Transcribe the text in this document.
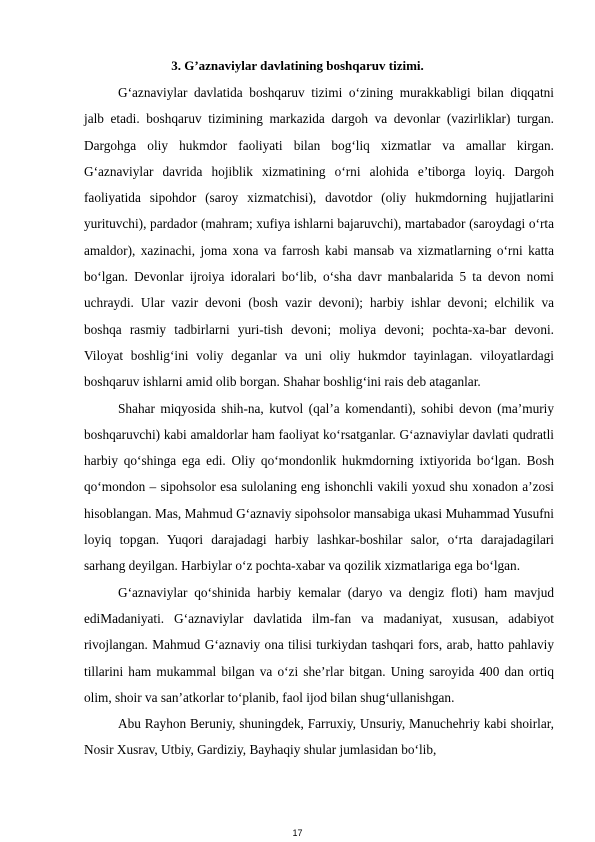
3. G’aznaviylar davlatining boshqaruv tizimi.

G‘aznaviylar davlatida boshqaruv tizimi o‘zining murakkabligi bilan diqqatni jalb etadi. boshqaruv tizimining markazida dargoh va devonlar (vazirliklar) turgan. Dargohga oliy hukmdor faoliyati bilan bog‘liq xizmatlar va amallar kirgan. G‘aznaviylar davrida hojiblik xizmatining o‘rni alohida e’tiborga loyiq. Dargoh faoliyatida sipohdor (saroy xizmatchisi), davotdor (oliy hukmdorning hujjatlarini yurituvchi), pardador (mahram; xufiya ishlarni bajaruvchi), martabador (saroydagi o‘rta amaldor), xazinachi, joma xona va farrosh kabi mansab va xizmatlarning o‘rni katta bo‘lgan. Devonlar ijroiya idoralari bo‘lib, o‘sha davr manbalarida 5 ta devon nomi uchraydi. Ular vazir devoni (bosh vazir devoni); harbiy ishlar devoni; elchilik va boshqa rasmiy tadbirlarni yuri-tish devoni; moliya devoni; pochta-xa-bar devoni. Viloyat boshlig‘ini voliy deganlar va uni oliy hukmdor tayinlagan. viloyatlardagi boshqaruv ishlarni amid olib borgan. Shahar boshlig‘ini rais deb ataganlar.

Shahar miqyosida shih-na, kutvol (qal’a komendanti), sohibi devon (ma’muriy boshqaruvchi) kabi amaldorlar ham faoliyat ko‘rsatganlar. G‘aznaviylar davlati qudratli harbiy qo‘shinga ega edi. Oliy qo‘mondonlik hukmdorning ixtiyorida bo‘lgan. Bosh qo‘mondon – sipohsolor esa sulolaning eng ishonchli vakili yoxud shu xonadon a’zosi hisoblangan. Mas, Mahmud G‘aznaviy sipohsolor mansabiga ukasi Muhammad Yusufni loyiq topgan. Yuqori darajadagi harbiy lashkar-boshilar salor, o‘rta darajadagilari sarhang deyilgan. Harbiylar o‘z pochta-xabar va qozilik xizmatlariga ega bo‘lgan.

G‘aznaviylar qo‘shinida harbiy kemalar (daryo va dengiz floti) ham mavjud ediMadaniyati. G‘aznaviylar davlatida ilm-fan va madaniyat, xususan, adabiyot rivojlangan. Mahmud G‘aznaviy ona tilisi turkiydan tashqari fors, arab, hatto pahlaviy tillarini ham mukammal bilgan va o‘zi she’rlar bitgan. Uning saroyida 400 dan ortiq olim, shoir va san’atkorlar to‘planib, faol ijod bilan shug‘ullanishgan.

Abu Rayhon Beruniy, shuningdek, Farruxiy, Unsuriy, Manuchehriy kabi shoirlar, Nosir Xusrav, Utbiy, Gardiziy, Bayhaqiy shular jumlasidan bo‘lib,

17
